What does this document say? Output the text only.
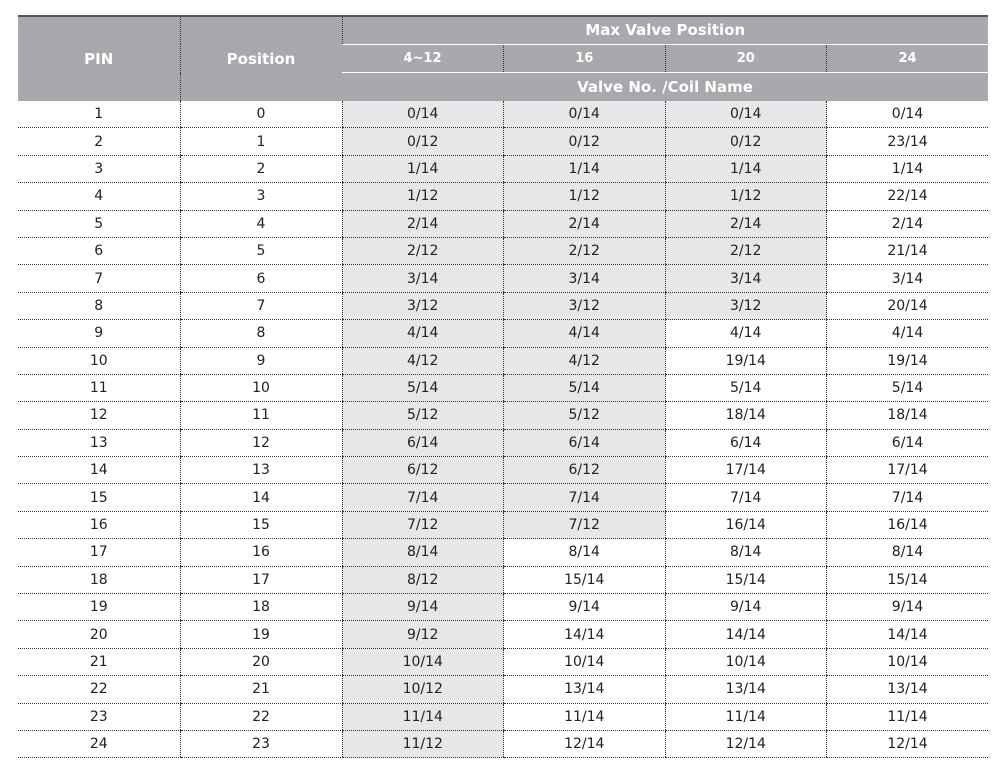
PIN	Position	Max Valve Position			
		4~12	16	20	24
		Valve No. /Coil Name			
1	0	0/14	0/14	0/14	0/14
2	1	0/12	0/12	0/12	23/14
3	2	1/14	1/14	1/14	1/14
4	3	1/12	1/12	1/12	22/14
5	4	2/14	2/14	2/14	2/14
6	5	2/12	2/12	2/12	21/14
7	6	3/14	3/14	3/14	3/14
8	7	3/12	3/12	3/12	20/14
9	8	4/14	4/14	4/14	4/14
10	9	4/12	4/12	19/14	19/14
11	10	5/14	5/14	5/14	5/14
12	11	5/12	5/12	18/14	18/14
13	12	6/14	6/14	6/14	6/14
14	13	6/12	6/12	17/14	17/14
15	14	7/14	7/14	7/14	7/14
16	15	7/12	7/12	16/14	16/14
17	16	8/14	8/14	8/14	8/14
18	17	8/12	15/14	15/14	15/14
19	18	9/14	9/14	9/14	9/14
20	19	9/12	14/14	14/14	14/14
21	20	10/14	10/14	10/14	10/14
22	21	10/12	13/14	13/14	13/14
23	22	11/14	11/14	11/14	11/14
24	23	11/12	12/14	12/14	12/14
